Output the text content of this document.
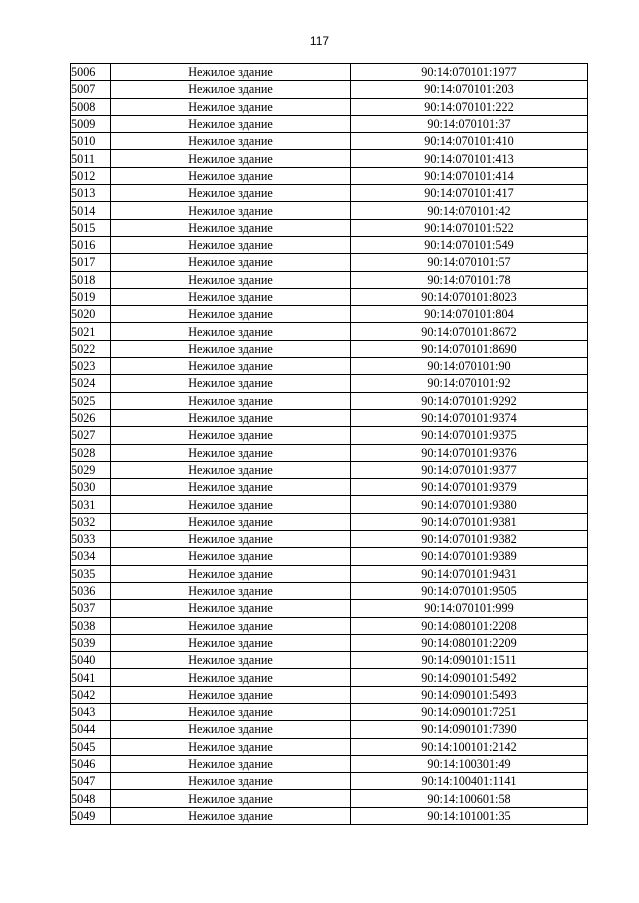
117
5006	Нежилое здание	90:14:070101:1977
5007	Нежилое здание	90:14:070101:203
5008	Нежилое здание	90:14:070101:222
5009	Нежилое здание	90:14:070101:37
5010	Нежилое здание	90:14:070101:410
5011	Нежилое здание	90:14:070101:413
5012	Нежилое здание	90:14:070101:414
5013	Нежилое здание	90:14:070101:417
5014	Нежилое здание	90:14:070101:42
5015	Нежилое здание	90:14:070101:522
5016	Нежилое здание	90:14:070101:549
5017	Нежилое здание	90:14:070101:57
5018	Нежилое здание	90:14:070101:78
5019	Нежилое здание	90:14:070101:8023
5020	Нежилое здание	90:14:070101:804
5021	Нежилое здание	90:14:070101:8672
5022	Нежилое здание	90:14:070101:8690
5023	Нежилое здание	90:14:070101:90
5024	Нежилое здание	90:14:070101:92
5025	Нежилое здание	90:14:070101:9292
5026	Нежилое здание	90:14:070101:9374
5027	Нежилое здание	90:14:070101:9375
5028	Нежилое здание	90:14:070101:9376
5029	Нежилое здание	90:14:070101:9377
5030	Нежилое здание	90:14:070101:9379
5031	Нежилое здание	90:14:070101:9380
5032	Нежилое здание	90:14:070101:9381
5033	Нежилое здание	90:14:070101:9382
5034	Нежилое здание	90:14:070101:9389
5035	Нежилое здание	90:14:070101:9431
5036	Нежилое здание	90:14:070101:9505
5037	Нежилое здание	90:14:070101:999
5038	Нежилое здание	90:14:080101:2208
5039	Нежилое здание	90:14:080101:2209
5040	Нежилое здание	90:14:090101:1511
5041	Нежилое здание	90:14:090101:5492
5042	Нежилое здание	90:14:090101:5493
5043	Нежилое здание	90:14:090101:7251
5044	Нежилое здание	90:14:090101:7390
5045	Нежилое здание	90:14:100101:2142
5046	Нежилое здание	90:14:100301:49
5047	Нежилое здание	90:14:100401:1141
5048	Нежилое здание	90:14:100601:58
5049	Нежилое здание	90:14:101001:35
